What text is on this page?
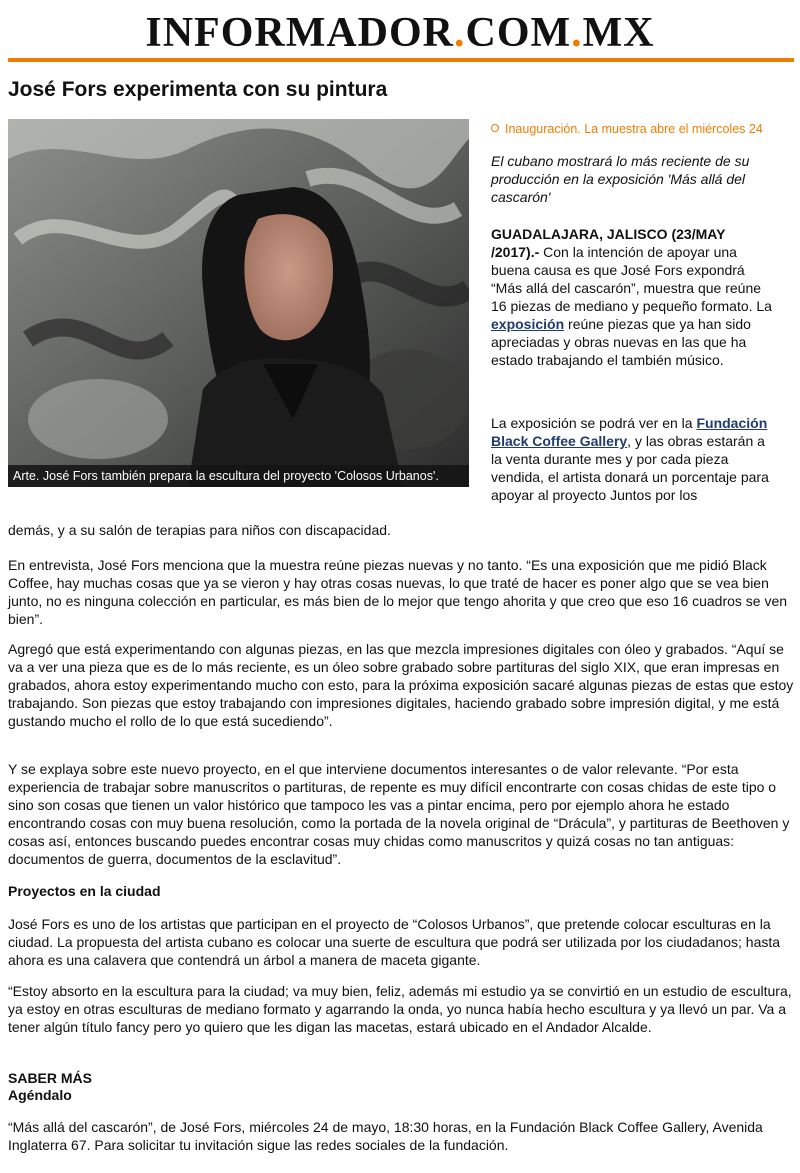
INFORMADOR.COM.MX
José Fors experimenta con su pintura
Arte. José Fors también prepara la escultura del proyecto 'Colosos Urbanos'.
Inauguración. La muestra abre el miércoles 24

El cubano mostrará lo más reciente de su producción en la exposición 'Más allá del cascarón'

GUADALAJARA, JALISCO (23/MAY /2017).- Con la intención de apoyar una buena causa es que José Fors expondrá “Más allá del cascarón”, muestra que reúne 16 piezas de mediano y pequeño formato. La exposición reúne piezas que ya han sido apreciadas y obras nuevas en las que ha estado trabajando el también músico.

La exposición se podrá ver en la Fundación Black Coffee Gallery, y las obras estarán a la venta durante mes y por cada pieza vendida, el artista donará un porcentaje para apoyar al proyecto Juntos por los

demás, y a su salón de terapias para niños con discapacidad.

En entrevista, José Fors menciona que la muestra reúne piezas nuevas y no tanto. “Es una exposición que me pidió Black Coffee, hay muchas cosas que ya se vieron y hay otras cosas nuevas, lo que traté de hacer es poner algo que se vea bien junto, no es ninguna colección en particular, es más bien de lo mejor que tengo ahorita y que creo que eso 16 cuadros se ven bien”.

Agregó que está experimentando con algunas piezas, en las que mezcla impresiones digitales con óleo y grabados. “Aquí se va a ver una pieza que es de lo más reciente, es un óleo sobre grabado sobre partituras del siglo XIX, que eran impresas en grabados, ahora estoy experimentando mucho con esto, para la próxima exposición sacaré algunas piezas de estas que estoy trabajando. Son piezas que estoy trabajando con impresiones digitales, haciendo grabado sobre impresión digital, y me está gustando mucho el rollo de lo que está sucediendo”.

Y se explaya sobre este nuevo proyecto, en el que interviene documentos interesantes o de valor relevante. “Por esta experiencia de trabajar sobre manuscritos o partituras, de repente es muy difícil encontrarte con cosas chidas de este tipo o sino son cosas que tienen un valor histórico que tampoco les vas a pintar encima, pero por ejemplo ahora he estado encontrando cosas con muy buena resolución, como la portada de la novela original de “Drácula”, y partituras de Beethoven y cosas así, entonces buscando puedes encontrar cosas muy chidas como manuscritos y quizá cosas no tan antiguas: documentos de guerra, documentos de la esclavitud”.

Proyectos en la ciudad

José Fors es uno de los artistas que participan en el proyecto de “Colosos Urbanos”, que pretende colocar esculturas en la ciudad. La propuesta del artista cubano es colocar una suerte de escultura que podrá ser utilizada por los ciudadanos; hasta ahora es una calavera que contendrá un árbol a manera de maceta gigante.

“Estoy absorto en la escultura para la ciudad; va muy bien, feliz, además mi estudio ya se convirtió en un estudio de escultura, ya estoy en otras esculturas de mediano formato y agarrando la onda, yo nunca había hecho escultura y ya llevó un par. Va a tener algún título fancy pero yo quiero que les digan las macetas, estará ubicado en el Andador Alcalde.

SABER MÁS
Agéndalo

“Más allá del cascarón”, de José Fors, miércoles 24 de mayo, 18:30 horas, en la Fundación Black Coffee Gallery, Avenida Inglaterra 67. Para solicitar tu invitación sigue las redes sociales de la fundación.
